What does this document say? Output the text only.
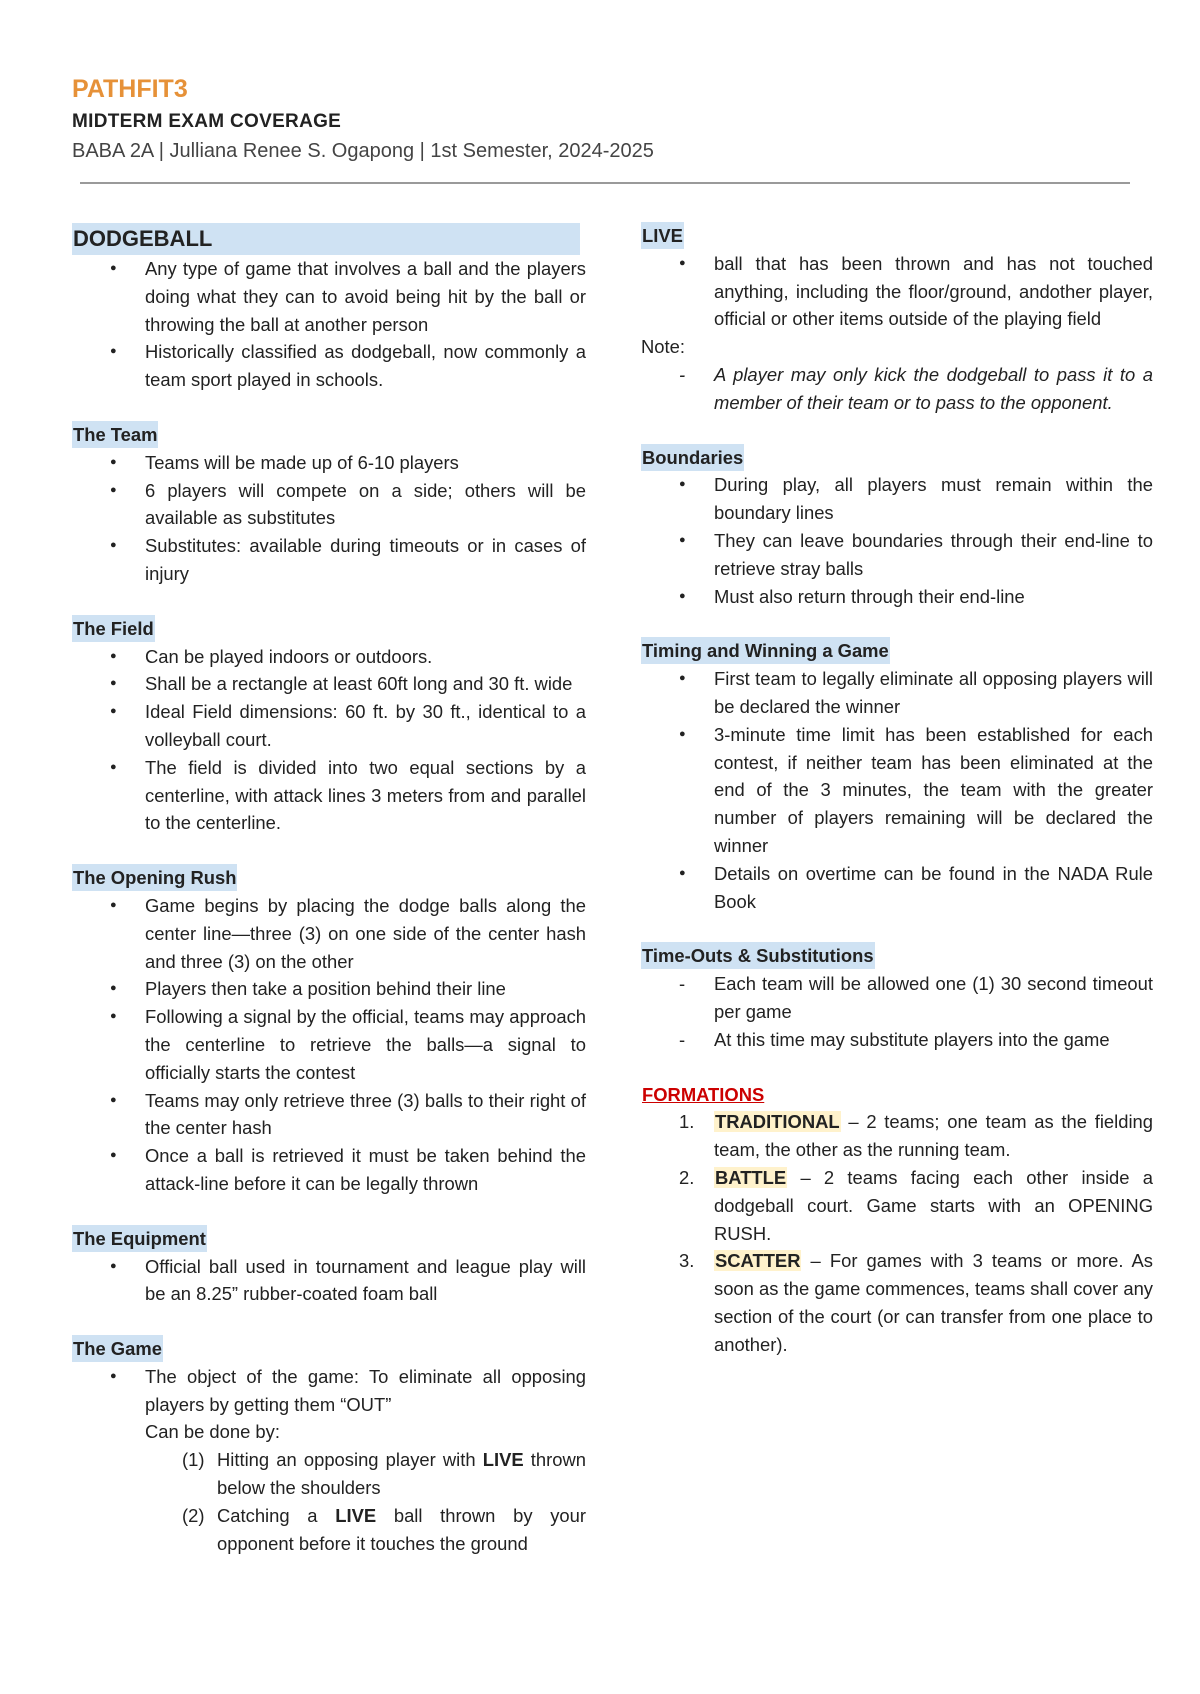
PATHFIT3
MIDTERM EXAM COVERAGE
BABA 2A | Julliana Renee S. Ogapong | 1st Semester, 2024-2025
DODGEBALL
● Any type of game that involves a ball and the players doing what they can to avoid being hit by the ball or throwing the ball at another person
● Historically classified as dodgeball, now commonly a team sport played in schools.
The Team
● Teams will be made up of 6-10 players
● 6 players will compete on a side; others will be available as substitutes
● Substitutes: available during timeouts or in cases of injury
The Field
● Can be played indoors or outdoors.
● Shall be a rectangle at least 60ft long and 30 ft. wide
● Ideal Field dimensions: 60 ft. by 30 ft., identical to a volleyball court.
● The field is divided into two equal sections by a centerline, with attack lines 3 meters from and parallel to the centerline.
The Opening Rush
● Game begins by placing the dodge balls along the center line—three (3) on one side of the center hash and three (3) on the other
● Players then take a position behind their line
● Following a signal by the official, teams may approach the centerline to retrieve the balls—a signal to officially starts the contest
● Teams may only retrieve three (3) balls to their right of the center hash
● Once a ball is retrieved it must be taken behind the attack-line before it can be legally thrown
The Equipment
● Official ball used in tournament and league play will be an 8.25” rubber-coated foam ball
The Game
● The object of the game: To eliminate all opposing players by getting them “OUT”
Can be done by:
(1) Hitting an opposing player with LIVE thrown below the shoulders
(2) Catching a LIVE ball thrown by your opponent before it touches the ground
LIVE
● ball that has been thrown and has not touched anything, including the floor/ground, andother player, official or other items outside of the playing field
Note:
- A player may only kick the dodgeball to pass it to a member of their team or to pass to the opponent.
Boundaries
● During play, all players must remain within the boundary lines
● They can leave boundaries through their end-line to retrieve stray balls
● Must also return through their end-line
Timing and Winning a Game
● First team to legally eliminate all opposing players will be declared the winner
● 3-minute time limit has been established for each contest, if neither team has been eliminated at the end of the 3 minutes, the team with the greater number of players remaining will be declared the winner
● Details on overtime can be found in the NADA Rule Book
Time-Outs & Substitutions
- Each team will be allowed one (1) 30 second timeout per game
- At this time may substitute players into the game
FORMATIONS
1. TRADITIONAL – 2 teams; one team as the fielding team, the other as the running team.
2. BATTLE – 2 teams facing each other inside a dodgeball court. Game starts with an OPENING RUSH.
3. SCATTER – For games with 3 teams or more. As soon as the game commences, teams shall cover any section of the court (or can transfer from one place to another).
